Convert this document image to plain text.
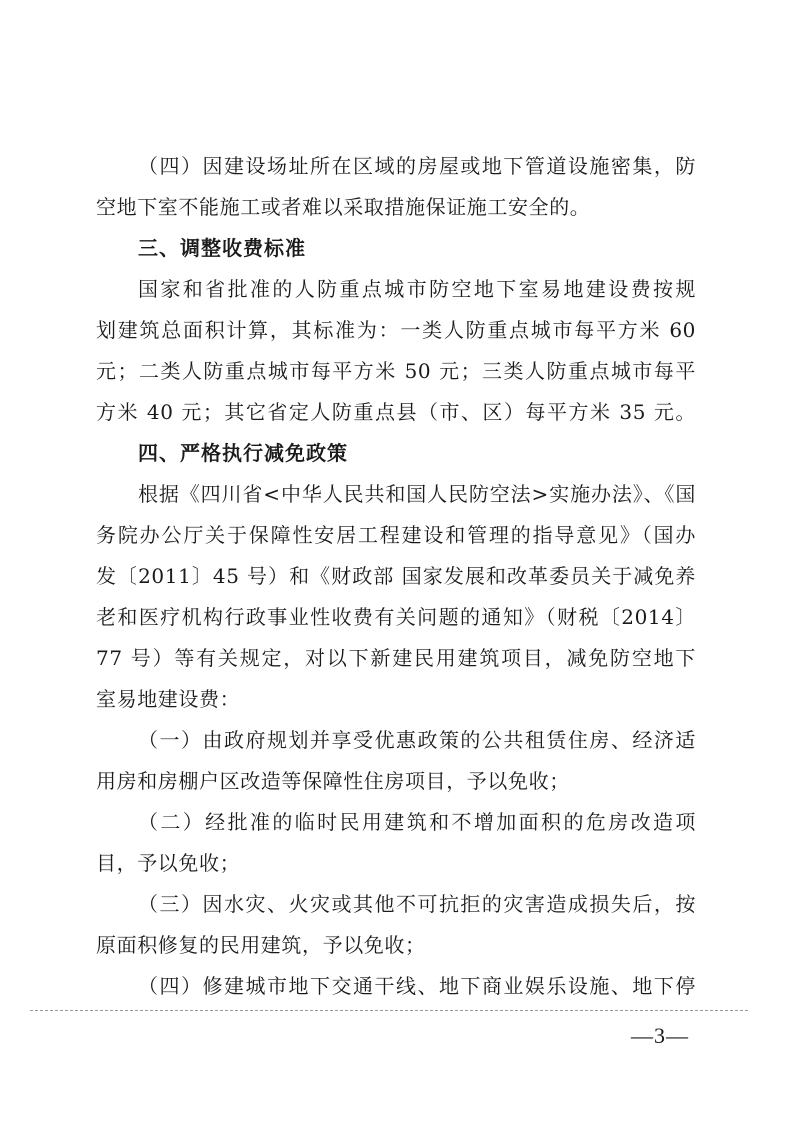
（四）因建设场址所在区域的房屋或地下管道设施密集，防
空地下室不能施工或者难以采取措施保证施工安全的。
三、调整收费标准
国家和省批准的人防重点城市防空地下室易地建设费按规
划建筑总面积计算，其标准为：一类人防重点城市每平方米 60
元；二类人防重点城市每平方米 50 元；三类人防重点城市每平
方米 40 元；其它省定人防重点县（市、区）每平方米 35 元。
四、严格执行减免政策
根据《四川省<中华人民共和国人民防空法>实施办法》、《国
务院办公厅关于保障性安居工程建设和管理的指导意见》（国办
发〔2011〕45 号）和《财政部 国家发展和改革委员关于减免养
老和医疗机构行政事业性收费有关问题的通知》（财税〔2014〕
77 号）等有关规定，对以下新建民用建筑项目，减免防空地下
室易地建设费：
（一）由政府规划并享受优惠政策的公共租赁住房、经济适
用房和房棚户区改造等保障性住房项目，予以免收；
（二）经批准的临时民用建筑和不增加面积的危房改造项
目，予以免收；
（三）因水灾、火灾或其他不可抗拒的灾害造成损失后，按
原面积修复的民用建筑，予以免收；
（四）修建城市地下交通干线、地下商业娱乐设施、地下停
—3—
